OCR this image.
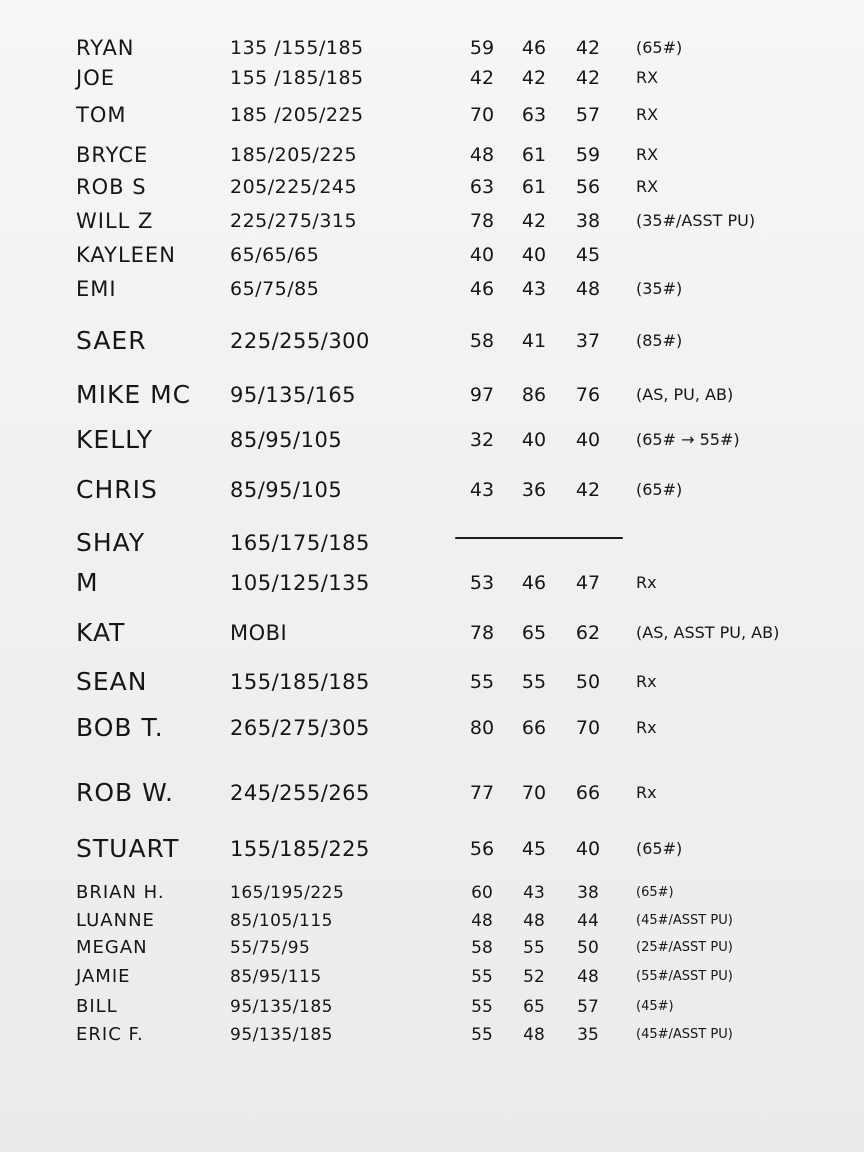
RYAN	135 /155/185	59	46	42	(65#)
JOE	155 /185/185	42	42	42	RX
TOM	185 /205/225	70	63	57	RX
BRYCE	185/205/225	48	61	59	RX
ROB S	205/225/245	63	61	56	RX
WILL Z	225/275/315	78	42	38	(35#/ASST PU)
KAYLEEN	65/65/65	40	40	45
EMI	65/75/85	46	43	48	(35#)
SAER	225/255/300	58	41	37	(85#)
MIKE MC 95/135/165	97	86	76	(AS, PU, AB)
KELLY	85/95/105	32	40	40	(65# → 55#)
CHRIS	85/95/105	43	36	42	(65#)
SHAY	165/175/185
M	105/125/135	53	46	47	Rx
KAT	MOBI	78	65	62	(AS, ASST PU, AB)
SEAN	155/185/185	55	55	50	Rx
BOB T.	265/275/305	80	66	70	Rx
ROB W.	245/255/265	77	70	66	Rx
STUART 155/185/225	56	45	40	(65#)
BRIAN H.	165/195/225	60	43	38	(65#)
LUANNE	85/105/115	48	48	44	(45#/ASST PU)
MEGAN	55/75/95	58	55	50	(25#/ASST PU)
JAMIE	85/95/115	55	52	48	(55#/ASST PU)
BILL	95/135/185	55	65	57	(45#)
ERIC F.	95/135/185	55	48	35	(45#/ASST PU)
